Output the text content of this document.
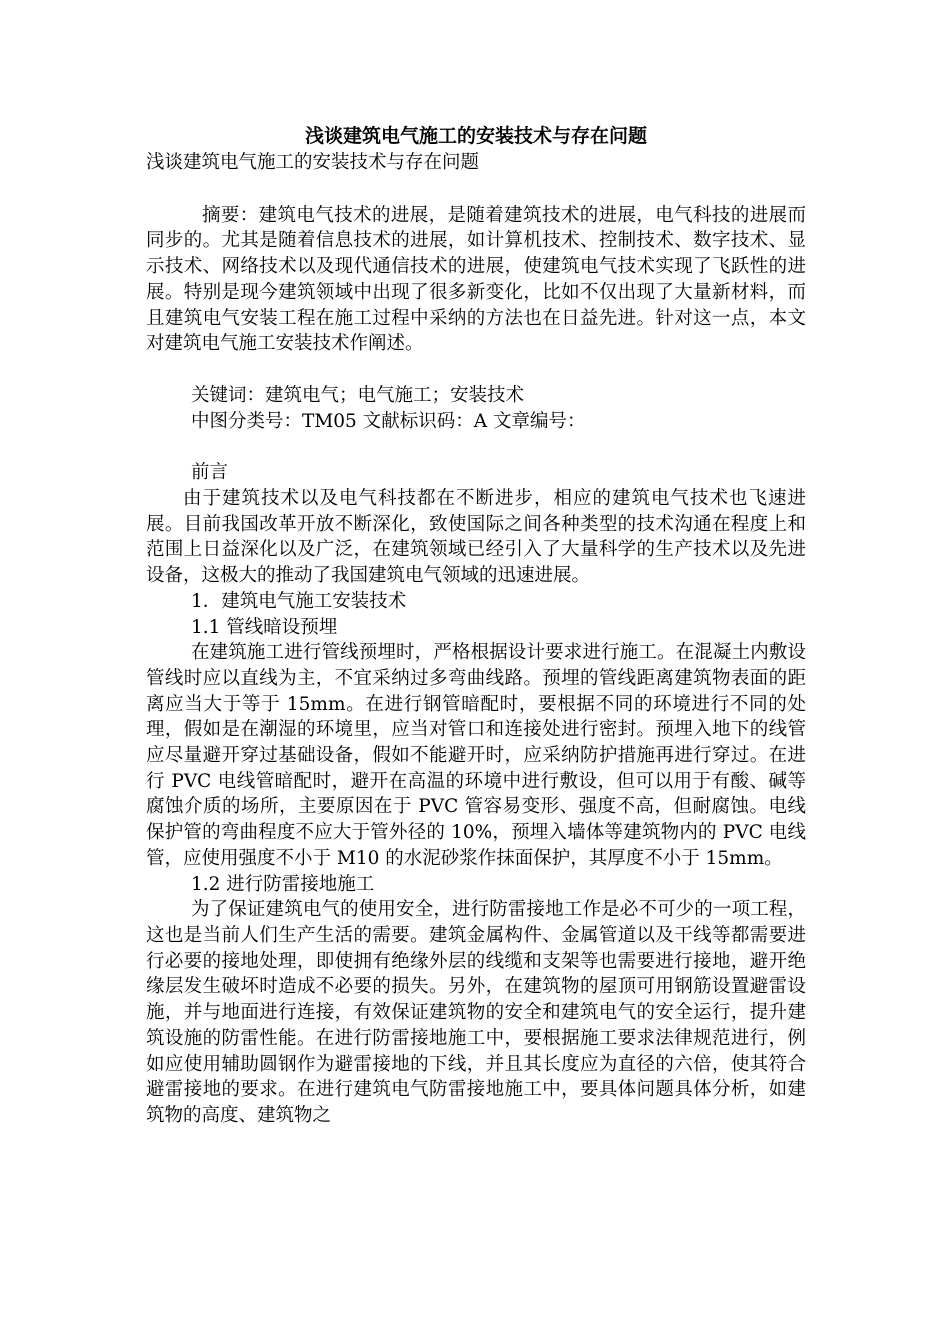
浅谈建筑电气施工的安装技术与存在问题

浅谈建筑电气施工的安装技术与存在问题

摘要：建筑电气技术的进展，是随着建筑技术的进展，电气科技的进展而同步的。尤其是随着信息技术的进展，如计算机技术、控制技术、数字技术、显示技术、网络技术以及现代通信技术的进展，使建筑电气技术实现了飞跃性的进展。特别是现今建筑领域中出现了很多新变化，比如不仅出现了大量新材料，而且建筑电气安装工程在施工过程中采纳的方法也在日益先进。针对这一点，本文对建筑电气施工安装技术作阐述。

关键词：建筑电气；电气施工；安装技术

中图分类号：TM05 文献标识码：A 文章编号：

前言

由于建筑技术以及电气科技都在不断进步，相应的建筑电气技术也飞速进展。目前我国改革开放不断深化，致使国际之间各种类型的技术沟通在程度上和范围上日益深化以及广泛，在建筑领域已经引入了大量科学的生产技术以及先进设备，这极大的推动了我国建筑电气领域的迅速进展。

1．建筑电气施工安装技术

1.1 管线暗设预埋

在建筑施工进行管线预埋时，严格根据设计要求进行施工。在混凝土内敷设管线时应以直线为主，不宜采纳过多弯曲线路。预埋的管线距离建筑物表面的距离应当大于等于 15mm。在进行钢管暗配时，要根据不同的环境进行不同的处理，假如是在潮湿的环境里，应当对管口和连接处进行密封。预埋入地下的线管应尽量避开穿过基础设备，假如不能避开时，应采纳防护措施再进行穿过。在进行 PVC 电线管暗配时，避开在高温的环境中进行敷设，但可以用于有酸、碱等腐蚀介质的场所，主要原因在于 PVC 管容易变形、强度不高，但耐腐蚀。电线保护管的弯曲程度不应大于管外径的 10%，预埋入墙体等建筑物内的 PVC 电线管，应使用强度不小于 M10 的水泥砂浆作抹面保护，其厚度不小于 15mm。

1.2 进行防雷接地施工

为了保证建筑电气的使用安全，进行防雷接地工作是必不可少的一项工程，这也是当前人们生产生活的需要。建筑金属构件、金属管道以及干线等都需要进行必要的接地处理，即使拥有绝缘外层的线缆和支架等也需要进行接地，避开绝缘层发生破坏时造成不必要的损失。另外，在建筑物的屋顶可用钢筋设置避雷设施，并与地面进行连接，有效保证建筑物的安全和建筑电气的安全运行，提升建筑设施的防雷性能。在进行防雷接地施工中，要根据施工要求法律规范进行，例如应使用辅助圆钢作为避雷接地的下线，并且其长度应为直径的六倍，使其符合避雷接地的要求。在进行建筑电气防雷接地施工中，要具体问题具体分析，如建筑物的高度、建筑物之
